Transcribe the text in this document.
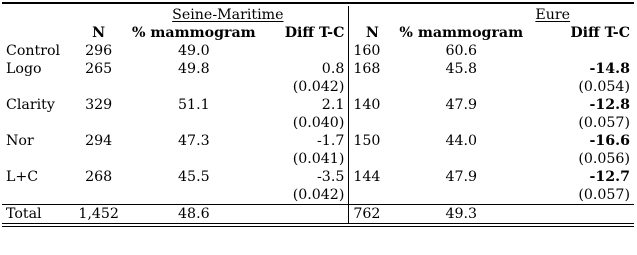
	Seine-Maritime				Eure	

	N	% mammogram	Diff T-C	N	% mammogram	Diff T-C
Control	296	49.0		160	60.6	
Logo	265	49.8	0.8	168	45.8	-14.8
			(0.042)			(0.054)
Clarity	329	51.1	2.1	140	47.9	-12.8
			(0.040)			(0.057)
Nor	294	47.3	-1.7	150	44.0	-16.6
			(0.041)			(0.056)
L+C	268	45.5	-3.5	144	47.9	-12.7
			(0.042)			(0.057)
Total	1,452	48.6		762	49.3	
